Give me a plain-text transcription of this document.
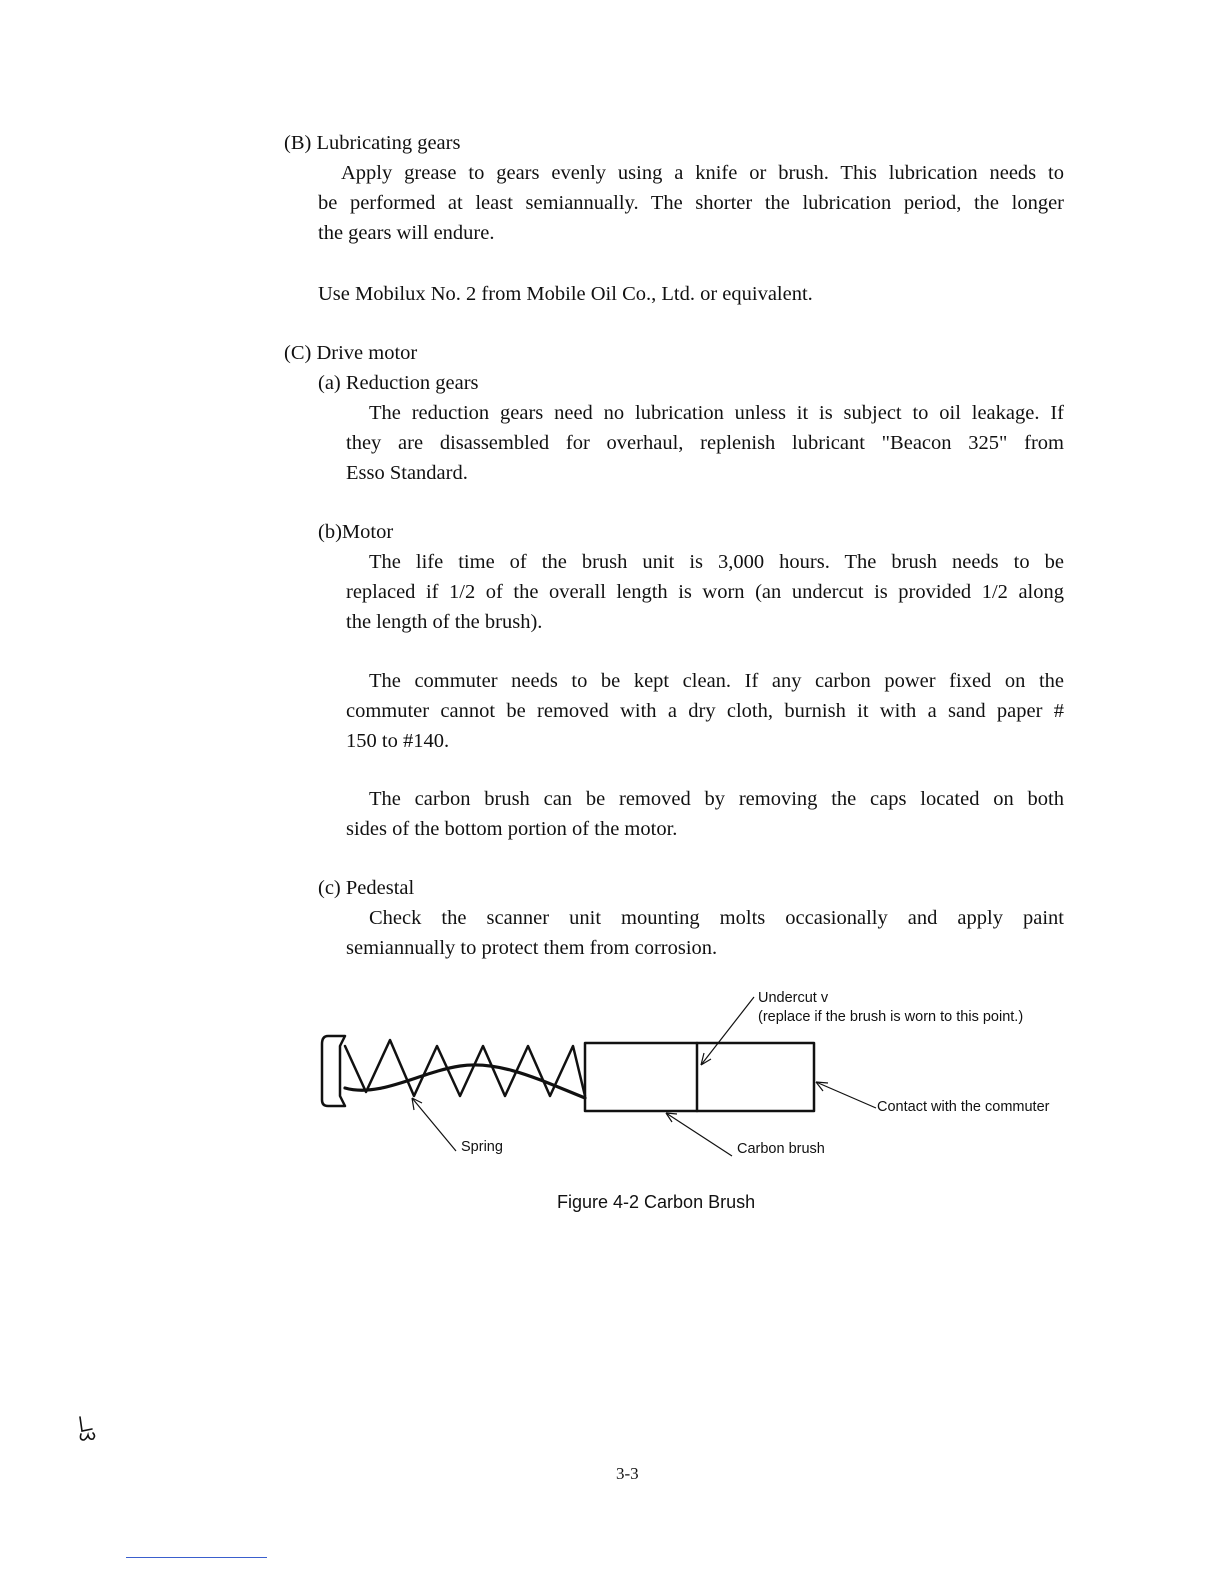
(B) Lubricating gears
Apply grease to gears evenly using a knife or brush. This lubrication needs to
be performed at least semiannually. The shorter the lubrication period, the longer
the gears will endure.
Use Mobilux No. 2 from Mobile Oil Co., Ltd. or equivalent.
(C) Drive motor
(a) Reduction gears
The reduction gears need no lubrication unless it is subject to oil leakage. If
they are disassembled for overhaul, replenish lubricant "Beacon 325" from
Esso Standard.
(b)Motor
The life time of the brush unit is 3,000 hours. The brush needs to be
replaced if 1/2 of the overall length is worn (an undercut is provided 1/2 along
the length of the brush).
The commuter needs to be kept clean. If any carbon power fixed on the
commuter cannot be removed with a dry cloth, burnish it with a sand paper #
150 to #140.
The carbon brush can be removed by removing the caps located on both
sides of the bottom portion of the motor.
(c) Pedestal
Check the scanner unit mounting molts occasionally and apply paint
semiannually to protect them from corrosion.
Undercut v
(replace if the brush is worn to this point.)
Contact with the commuter
Spring	Carbon brush
Figure 4-2 Carbon Brush
3-3
